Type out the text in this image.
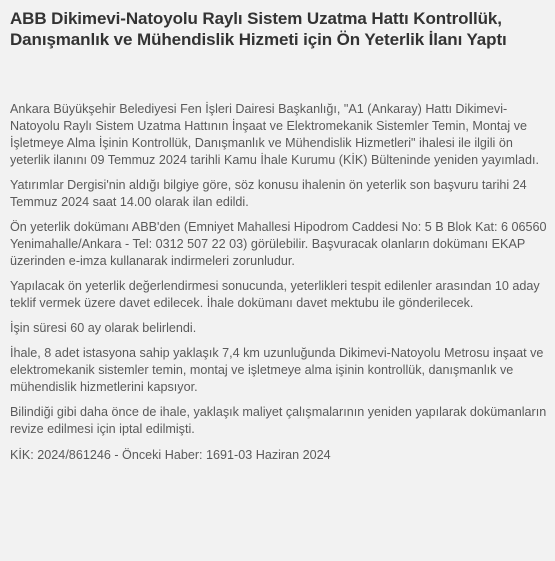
ABB Dikimevi-Natoyolu Raylı Sistem Uzatma Hattı Kontrollük, Danışmanlık ve Mühendislik Hizmeti için Ön Yeterlik İlanı Yaptı

Ankara Büyükşehir Belediyesi Fen İşleri Dairesi Başkanlığı, "A1 (Ankaray) Hattı Dikimevi-Natoyolu Raylı Sistem Uzatma Hattının İnşaat ve Elektromekanik Sistemler Temin, Montaj ve İşletmeye Alma İşinin Kontrollük, Danışmanlık ve Mühendislik Hizmetleri" ihalesi ile ilgili ön yeterlik ilanını 09 Temmuz 2024 tarihli Kamu İhale Kurumu (KİK) Bülteninde yeniden yayımladı.

Yatırımlar Dergisi'nin aldığı bilgiye göre, söz konusu ihalenin ön yeterlik son başvuru tarihi 24 Temmuz 2024 saat 14.00 olarak ilan edildi.

Ön yeterlik dokümanı ABB'den (Emniyet Mahallesi Hipodrom Caddesi No: 5 B Blok Kat: 6 06560 Yenimahalle/Ankara - Tel: 0312 507 22 03) görülebilir. Başvuracak olanların dokümanı EKAP üzerinden e-imza kullanarak indirmeleri zorunludur.

Yapılacak ön yeterlik değerlendirmesi sonucunda, yeterlikleri tespit edilenler arasından 10 aday teklif vermek üzere davet edilecek. İhale dokümanı davet mektubu ile gönderilecek.

İşin süresi 60 ay olarak belirlendi.

İhale, 8 adet istasyona sahip yaklaşık 7,4 km uzunluğunda Dikimevi-Natoyolu Metrosu inşaat ve elektromekanik sistemler temin, montaj ve işletmeye alma işinin kontrollük, danışmanlık ve mühendislik hizmetlerini kapsıyor.

Bilindiği gibi daha önce de ihale, yaklaşık maliyet çalışmalarının yeniden yapılarak dokümanların revize edilmesi için iptal edilmişti.

KİK: 2024/861246 - Önceki Haber: 1691-03 Haziran 2024
